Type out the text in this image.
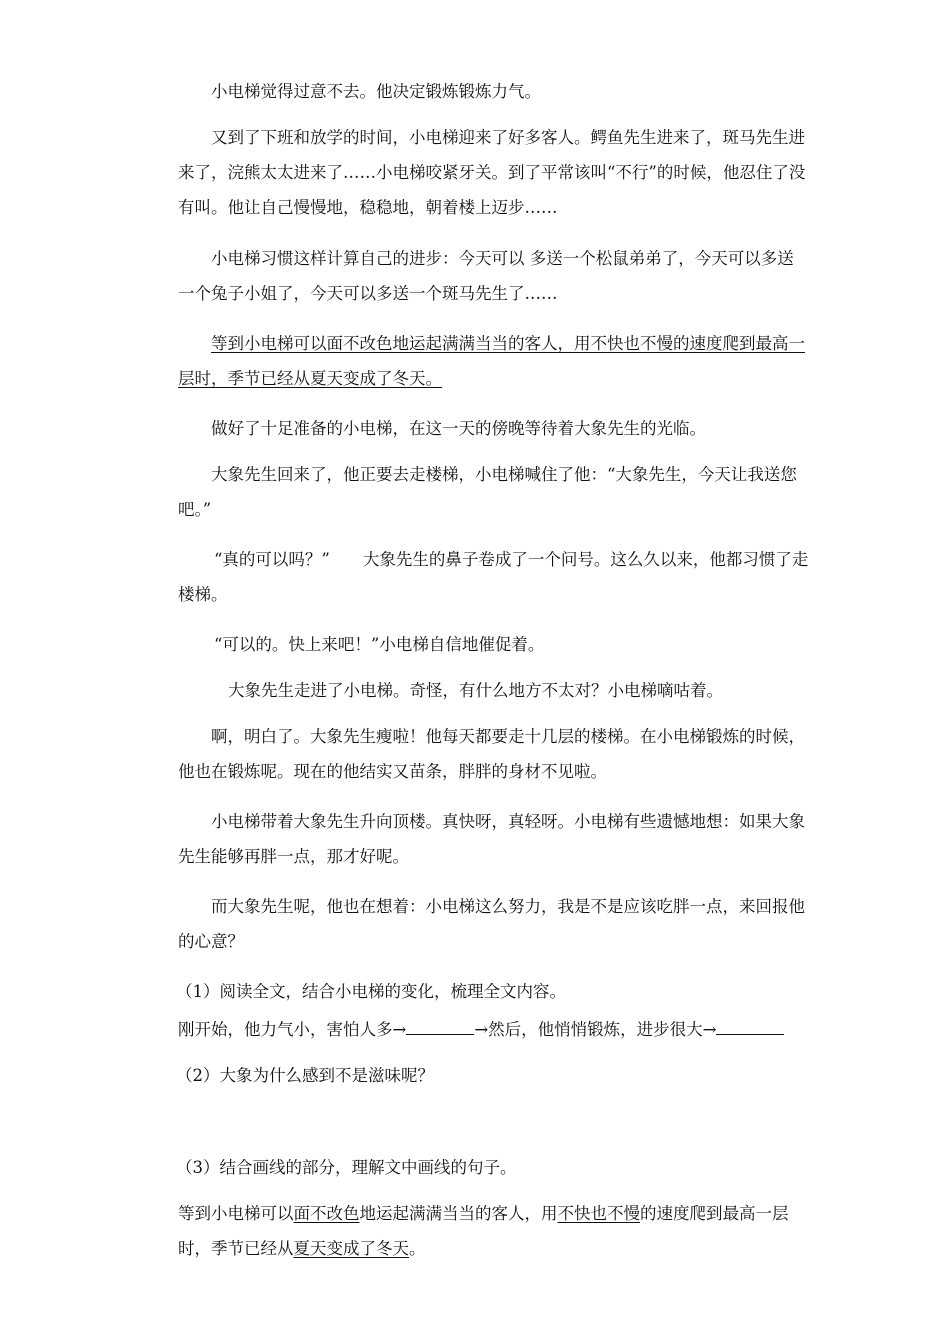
小电梯觉得过意不去。他决定锻炼锻炼力气。

又到了下班和放学的时间，小电梯迎来了好多客人。鳄鱼先生进来了，斑马先生进来了，浣熊太太进来了……小电梯咬紧牙关。到了平常该叫“不行”的时候，他忍住了没有叫。他让自己慢慢地，稳稳地，朝着楼上迈步……

小电梯习惯这样计算自己的进步：今天可以 多送一个松鼠弟弟了，今天可以多送一个兔子小姐了，今天可以多送一个斑马先生了……

等到小电梯可以面不改色地运起满满当当的客人，用不快也不慢的速度爬到最高一层时，季节已经从夏天变成了冬天。

做好了十足准备的小电梯，在这一天的傍晚等待着大象先生的光临。

大象先生回来了，他正要去走楼梯，小电梯喊住了他：“大象先生，今天让我送您吧。”

“真的可以吗？”　　大象先生的鼻子卷成了一个问号。这么久以来，他都习惯了走楼梯。

“可以的。快上来吧！”小电梯自信地催促着。

大象先生走进了小电梯。奇怪，有什么地方不太对？小电梯嘀咕着。

啊，明白了。大象先生瘦啦！他每天都要走十几层的楼梯。在小电梯锻炼的时候，他也在锻炼呢。现在的他结实又苗条，胖胖的身材不见啦。

小电梯带着大象先生升向顶楼。真快呀，真轻呀。小电梯有些遗憾地想：如果大象先生能够再胖一点，那才好呢。

而大象先生呢，他也在想着：小电梯这么努力，我是不是应该吃胖一点，来回报他的心意？

（1）阅读全文，结合小电梯的变化，梳理全文内容。

刚开始，他力气小，害怕人多→	→然后，他悄悄锻炼，进步很大→

（2）大象为什么感到不是滋味呢？

（3）结合画线的部分，理解文中画线的句子。

等到小电梯可以面不改色地运起满满当当的客人，用不快也不慢的速度爬到最高一层时，季节已经从夏天变成了冬天。
